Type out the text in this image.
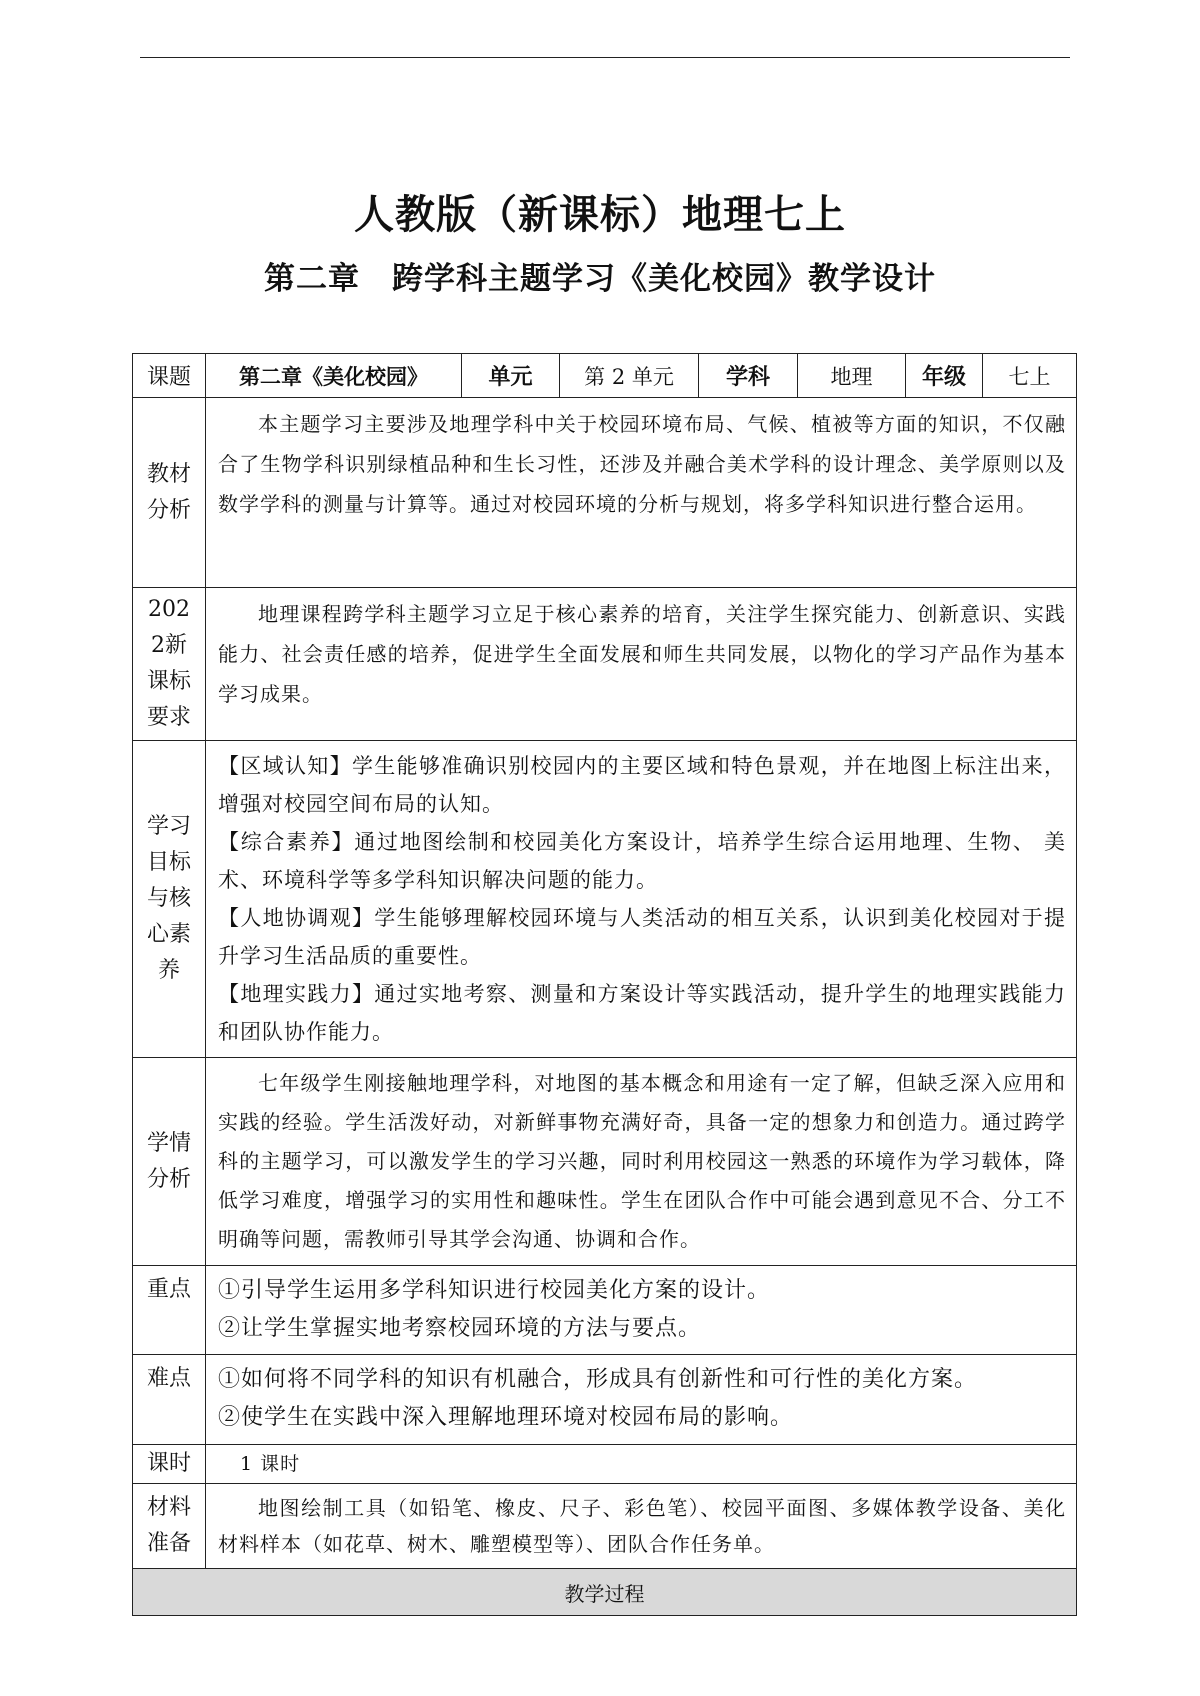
人教版（新课标）地理七上
第二章　跨学科主题学习《美化校园》教学设计
课题	第二章《美化校园》	单元	第 2 单元	学科	地理	年级	七上

教材分析	本主题学习主要涉及地理学科中关于校园环境布局、气候、植被等方面的知识，不仅融合了生物学科识别绿植品种和生长习性，还涉及并融合美术学科的设计理念、美学原则以及数学学科的测量与计算等。通过对校园环境的分析与规划，将多学科知识进行整合运用。						

2022新课标要求	地理课程跨学科主题学习立足于核心素养的培育，关注学生探究能力、创新意识、实践能力、社会责任感的培养，促进学生全面发展和师生共同发展，以物化的学习产品作为基本学习成果。						

学习目标与核心素养	【区域认知】学生能够准确识别校园内的主要区域和特色景观，并在地图上标注出来，增强对校园空间布局的认知。

【综合素养】通过地图绘制和校园美化方案设计，培养学生综合运用地理、生物、 美术、环境科学等多学科知识解决问题的能力。

【人地协调观】学生能够理解校园环境与人类活动的相互关系，认识到美化校园对于提升学习生活品质的重要性。

【地理实践力】通过实地考察、测量和方案设计等实践活动，提升学生的地理实践能力和团队协作能力。						

学情分析	七年级学生刚接触地理学科，对地图的基本概念和用途有一定了解，但缺乏深入应用和实践的经验。学生活泼好动，对新鲜事物充满好奇，具备一定的想象力和创造力。通过跨学科的主题学习，可以激发学生的学习兴趣，同时利用校园这一熟悉的环境作为学习载体，降低学习难度，增强学习的实用性和趣味性。学生在团队合作中可能会遇到意见不合、分工不明确等问题，需教师引导其学会沟通、协调和合作。						
重点	①引导学生运用多学科知识进行校园美化方案的设计。

②让学生掌握实地考察校园环境的方法与要点。						

难点	①如何将不同学科的知识有机融合，形成具有创新性和可行性的美化方案。

②使学生在实践中深入理解地理环境对校园布局的影响。						

课时	1 课时						

材料准备	地图绘制工具（如铅笔、橡皮、尺子、彩色笔）、校园平面图、多媒体教学设备、美化材料样本（如花草、树木、雕塑模型等）、团队合作任务单。						
教学过程							
